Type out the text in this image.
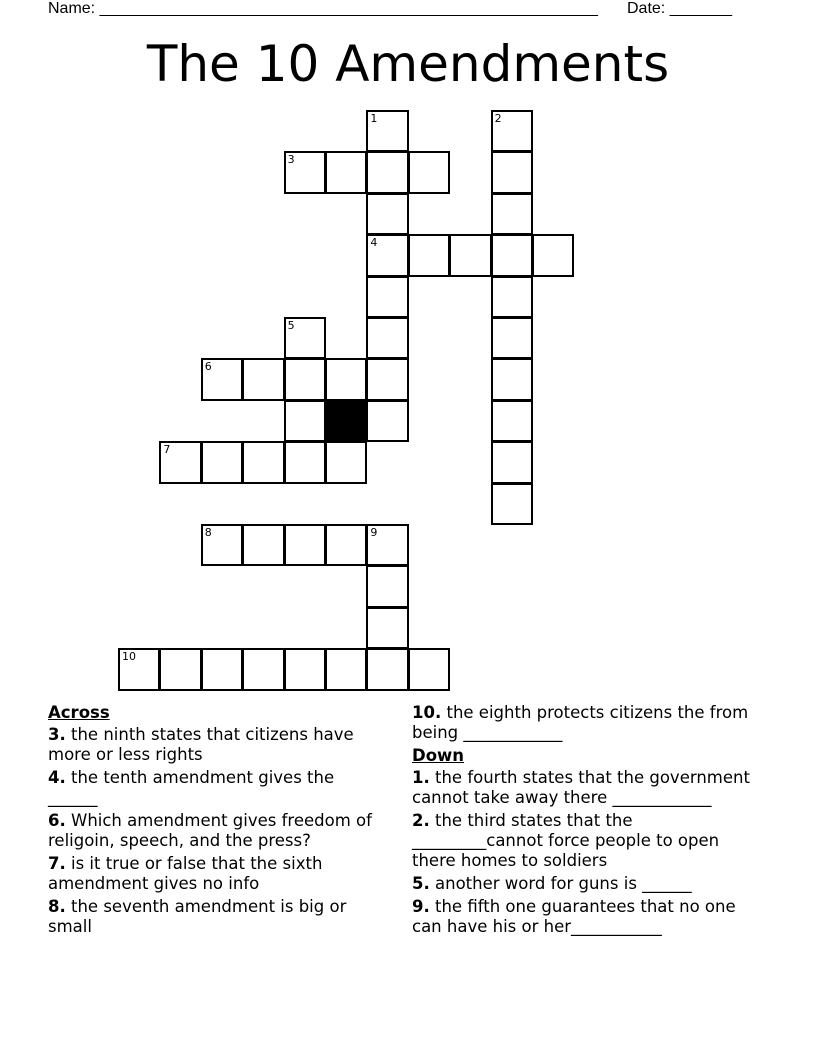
Name: ________________________________________________________ Date: _______
The 10 Amendments
1	2
3
4
5
6
7
8	9
10
Across
3. the ninth states that citizens have more or less rights
4. the tenth amendment gives the ______
6. Which amendment gives freedom of religoin, speech, and the press?
7. is it true or false that the sixth amendment gives no info
8. the seventh amendment is big or small
10. the eighth protects citizens the from being ____________
Down
1. the fourth states that the government cannot take away there ____________
2. the third states that the _________cannot force people to open there homes to soldiers
5. another word for guns is ______
9. the fifth one guarantees that no one can have his or her___________
